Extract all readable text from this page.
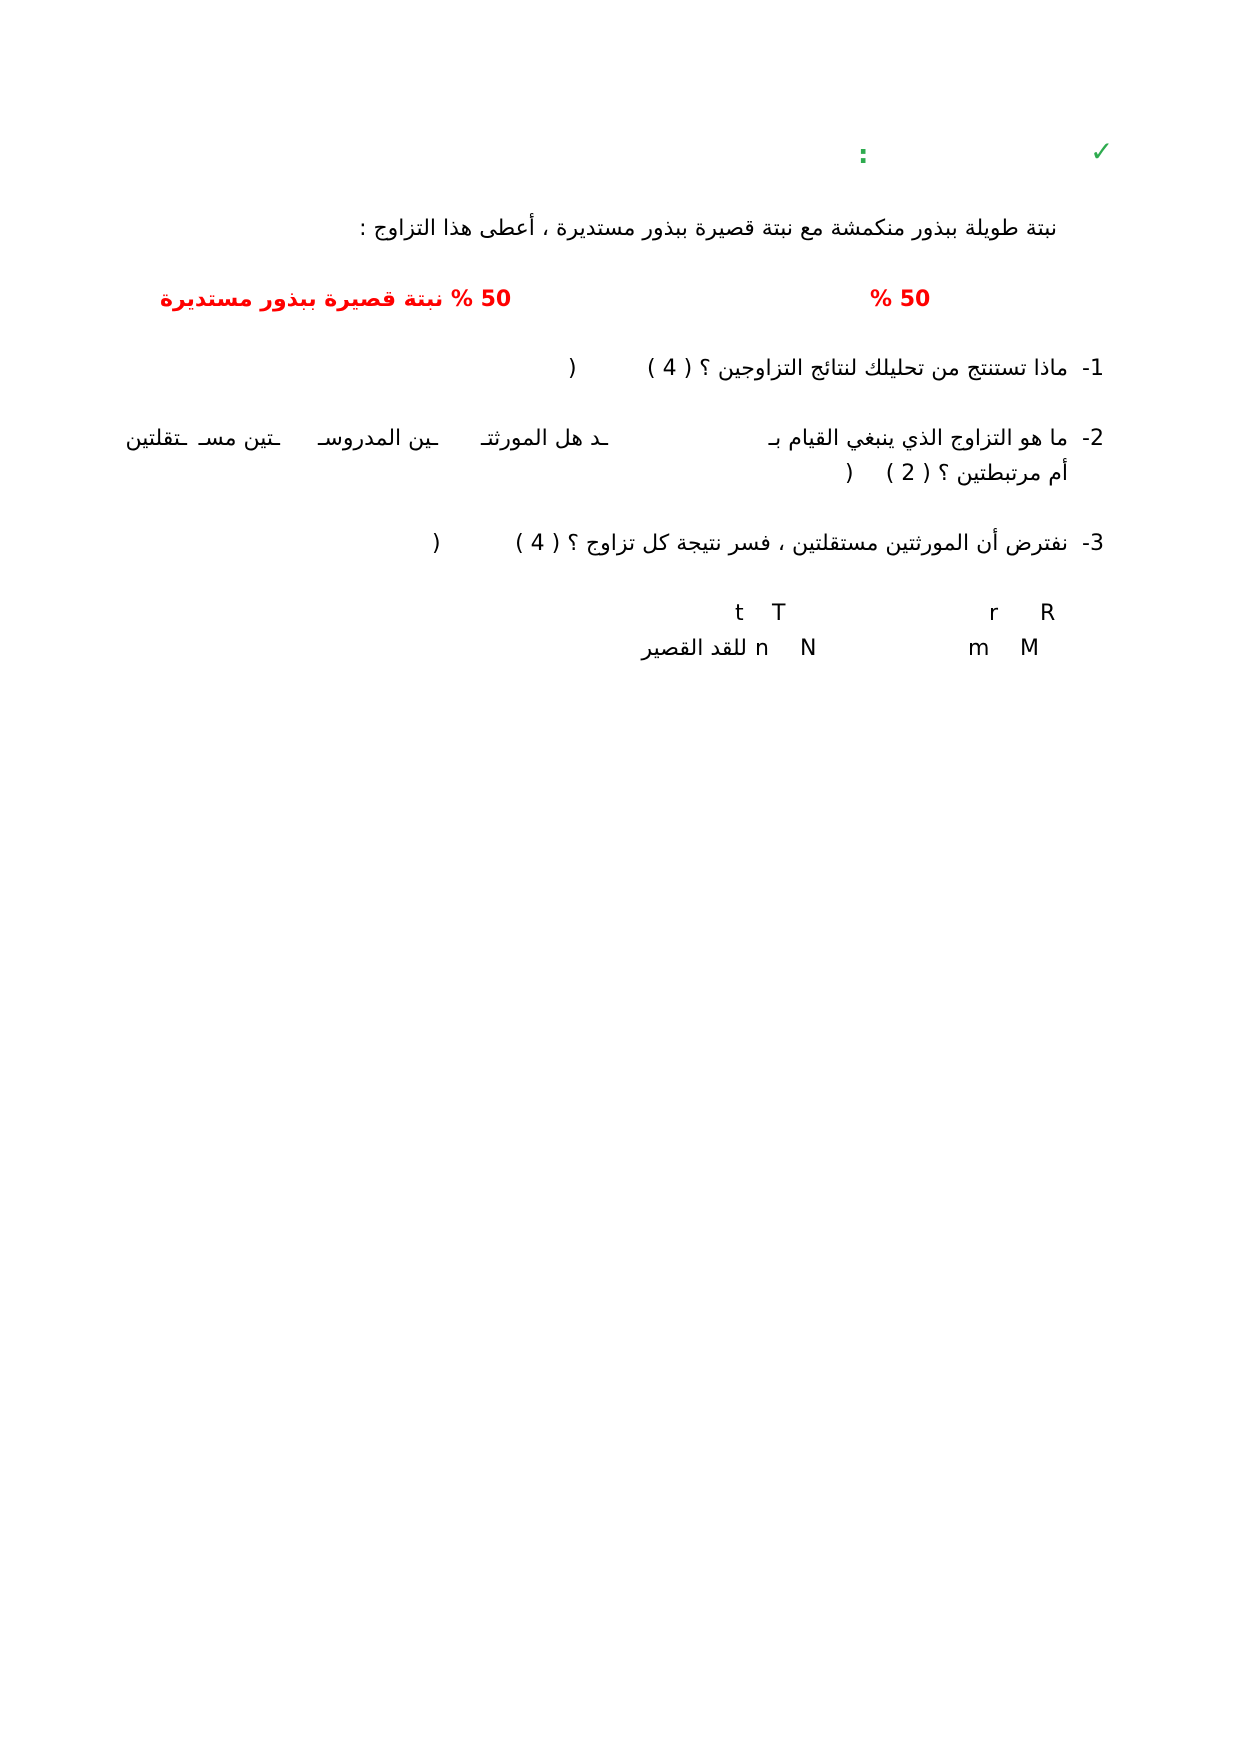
✓
:
نبتة طويلة ببذور منكمشة مع نبتة قصيرة ببذور مستديرة ، أعطى هذا التزاوج :
50 % نبتة قصيرة ببذور مستديرة	50 %
-1
ماذا تستنتج من تحليلك لنتائج التزاوجين ؟ ( 4 )
)
-2
ما هو التزاوج الذي ينبغي القيام بـ
ـد هل المورثتـ
ـين المدروسـ
ـتين مسـ
ـتقلتين
أم مرتبطتين ؟ ( 2 )
)
-3
نفترض أن المورثتين مستقلتين ، فسر نتيجة كل تزاوج ؟ ( 4 )
)
R
r
T
t
M
m
N
n
للقد القصير
